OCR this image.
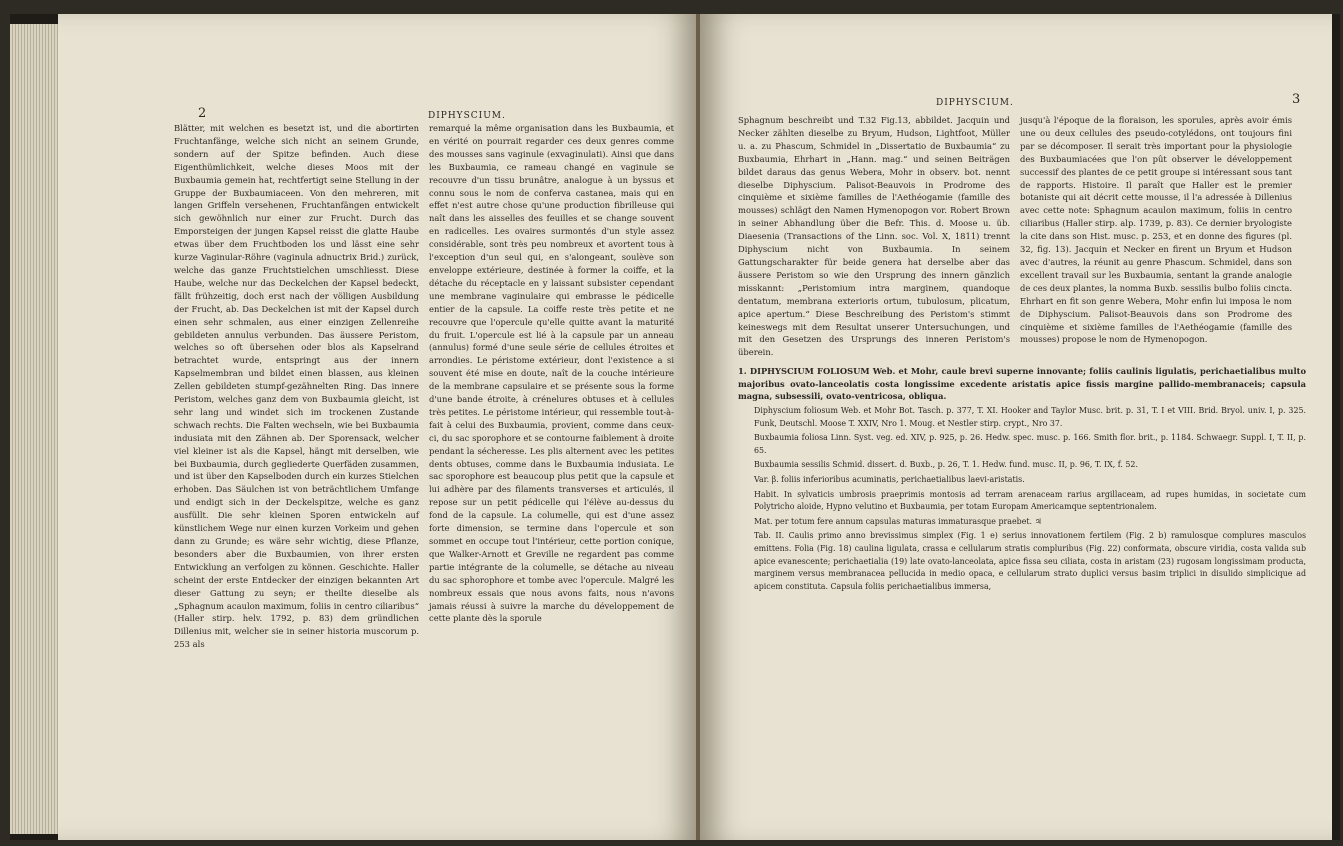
2	DIPHYSCIUM.

Blätter, mit welchen es besetzt ist, und die abortirten Fruchtanfänge, welche sich nicht an seinem Grunde, sondern auf der Spitze befinden. Auch diese Eigenthümlichkeit, welche dieses Moos mit der Buxbaumia gemein hat, rechtfertigt seine Stellung in der Gruppe der Buxbaumiaceen. Von den mehreren, mit langen Griffeln versehenen, Fruchtanfängen entwickelt sich gewöhnlich nur einer zur Frucht. Durch das Emporsteigen der jungen Kapsel reisst die glatte Haube etwas über dem Fruchtboden los und lässt eine sehr kurze Vaginular-Röhre (vaginula adnuctrix Brid.) zurück, welche das ganze Fruchtstielchen umschliesst. Diese Haube, welche nur das Deckelchen der Kapsel bedeckt, fällt frühzeitig, doch erst nach der völligen Ausbildung der Frucht, ab. Das Deckelchen ist mit der Kapsel durch einen sehr schmalen, aus einer einzigen Zellenreihe gebildeten annulus verbunden. Das äussere Peristom, welches so oft übersehen oder blos als Kapselrand betrachtet wurde, entspringt aus der innern Kapselmembran und bildet einen blassen, aus kleinen Zellen gebildeten stumpf-gezähnelten Ring. Das innere Peristom, welches ganz dem von Buxbaumia gleicht, ist sehr lang und windet sich im trockenen Zustande schwach rechts. Die Falten wechseln, wie bei Buxbaumia indusiata mit den Zähnen ab. Der Sporensack, welcher viel kleiner ist als die Kapsel, hängt mit derselben, wie bei Buxbaumia, durch gegliederte Querfäden zusammen, und ist über den Kapselboden durch ein kurzes Stielchen erhoben. Das Säulchen ist von beträchtlichem Umfange und endigt sich in der Deckelspitze, welche es ganz ausfüllt. Die sehr kleinen Sporen entwickeln auf künstlichem Wege nur einen kurzen Vorkeim und gehen dann zu Grunde; es wäre sehr wichtig, diese Pflanze, besonders aber die Buxbaumien, von ihrer ersten Entwicklung an verfolgen zu können. Geschichte. Haller scheint der erste Entdecker der einzigen bekannten Art dieser Gattung zu seyn; er theilte dieselbe als „Sphagnum acaulon maximum, foliis in centro ciliaribus“ (Haller stirp. helv. 1792, p. 83) dem gründlichen Dillenius mit, welcher sie in seiner historia muscorum p. 253 als

remarqué la même organisation dans les Buxbaumia, et en vérité on pourrait regarder ces deux genres comme des mousses sans vaginule (exvaginulati). Ainsi que dans les Buxbaumia, ce rameau changé en vaginule se recouvre d'un tissu brunâtre, analogue à un byssus et connu sous le nom de conferva castanea, mais qui en effet n'est autre chose qu'une production fibrilleuse qui naît dans les aisselles des feuilles et se change souvent en radicelles. Les ovaires surmontés d'un style assez considérable, sont très peu nombreux et avortent tous à l'exception d'un seul qui, en s'alongeant, soulève son enveloppe extérieure, destinée à former la coiffe, et la détache du réceptacle en y laissant subsister cependant une membrane vaginulaire qui embrasse le pédicelle entier de la capsule. La coiffe reste très petite et ne recouvre que l'opercule qu'elle quitte avant la maturité du fruit. L'opercule est lié à la capsule par un anneau (annulus) formé d'une seule série de cellules étroites et arrondies. Le péristome extérieur, dont l'existence a si souvent été mise en doute, naît de la couche intérieure de la membrane capsulaire et se présente sous la forme d'une bande étroite, à crénelures obtuses et à cellules très petites. Le péristome intérieur, qui ressemble tout-à-fait à celui des Buxbaumia, provient, comme dans ceux-ci, du sac sporophore et se contourne faiblement à droite pendant la sécheresse. Les plis alternent avec les petites dents obtuses, comme dans le Buxbaumia indusiata. Le sac sporophore est beaucoup plus petit que la capsule et lui adhère par des filaments transverses et articulés, il repose sur un petit pédicelle qui l'élève au-dessus du fond de la capsule. La columelle, qui est d'une assez forte dimension, se termine dans l'opercule et son sommet en occupe tout l'intérieur, cette portion conique, que Walker-Arnott et Greville ne regardent pas comme partie intégrante de la columelle, se détache au niveau du sac sphorophore et tombe avec l'opercule. Malgré les nombreux essais que nous avons faits, nous n'avons jamais réussi à suivre la marche du développement de cette plante dès la sporule

DIPHYSCIUM.	3

Sphagnum beschreibt und T.32 Fig.13, abbildet. Jacquin und Necker zählten dieselbe zu Bryum, Hudson, Lightfoot, Müller u. a. zu Phascum, Schmidel in „Dissertatio de Buxbaumia“ zu Buxbaumia, Ehrhart in „Hann. mag.“ und seinen Beiträgen bildet daraus das genus Webera, Mohr in observ. bot. nennt dieselbe Diphyscium. Palisot-Beauvois in Prodrome des cinquième et sixième familles de l'Aethéogamie (famille des mousses) schlägt den Namen Hymenopogon vor. Robert Brown in seiner Abhandlung über die Befr. This. d. Moose u. üb. Diaesenia (Transactions of the Linn. soc. Vol. X, 1811) trennt Diphyscium nicht von Buxbaumia. In seinem Gattungscharakter für beide genera hat derselbe aber das äussere Peristom so wie den Ursprung des innern gänzlich misskannt: „Peristomium intra marginem, quandoque dentatum, membrana exterioris ortum, tubulosum, plicatum, apice apertum.“ Diese Beschreibung des Peristom's stimmt keineswegs mit dem Resultat unserer Untersuchungen, und mit den Gesetzen des Ursprungs des inneren Peristom's überein.

jusqu'à l'époque de la floraison, les sporules, après avoir émis une ou deux cellules des pseudo-cotylédons, ont toujours fini par se décomposer. Il serait très important pour la physiologie des Buxbaumiacées que l'on pût observer le développement successif des plantes de ce petit groupe si intéressant sous tant de rapports. Histoire. Il paraît que Haller est le premier botaniste qui ait décrit cette mousse, il l'a adressée à Dillenius avec cette note: Sphagnum acaulon maximum, foliis in centro ciliaribus (Haller stirp. alp. 1739, p. 83). Ce dernier bryologiste la cite dans son Hist. musc. p. 253, et en donne des figures (pl. 32, fig. 13). Jacquin et Necker en firent un Bryum et Hudson avec d'autres, la réunit au genre Phascum. Schmidel, dans son excellent travail sur les Buxbaumia, sentant la grande analogie de ces deux plantes, la nomma Buxb. sessilis bulbo foliis cincta. Ehrhart en fit son genre Webera, Mohr enfin lui imposa le nom de Diphyscium. Palisot-Beauvois dans son Prodrome des cinquième et sixième familles de l'Aethéogamie (famille des mousses) propose le nom de Hymenopogon.

1. DIPHYSCIUM FOLIOSUM Web. et Mohr, caule brevi superne innovante; foliis caulinis ligulatis, perichaetialibus multo majoribus ovato-lanceolatis costa longissime excedente aristatis apice fissis margine pallido-membranaceis; capsula magna, subsessili, ovato-ventricosa, obliqua.

Diphyscium foliosum Web. et Mohr Bot. Tasch. p. 377, T. XI. Hooker and Taylor Musc. brit. p. 31, T. I et VIII. Brid. Bryol. univ. I, p. 325. Funk, Deutschl. Moose T. XXIV, Nro 1. Moug. et Nestler stirp. crypt., Nro 37.

Buxbaumia foliosa Linn. Syst. veg. ed. XIV, p. 925, p. 26. Hedw. spec. musc. p. 166. Smith flor. brit., p. 1184. Schwaegr. Suppl. I, T. II, p. 65.

Buxbaumia sessilis Schmid. dissert. d. Buxb., p. 26, T. 1. Hedw. fund. musc. II, p. 96, T. IX, f. 52.

Var. β. foliis inferioribus acuminatis, perichaetialibus laevi-aristatis.

Habit. In sylvaticis umbrosis praeprimis montosis ad terram arenaceam rarius argillaceam, ad rupes humidas, in societate cum Polytricho aloide, Hypno velutino et Buxbaumia, per totam Europam Americamque septentrionalem.

Mat. per totum fere annum capsulas maturas immaturasque praebet. ♃

Tab. II. Caulis primo anno brevissimus simplex (Fig. 1 e) serius innovationem fertilem (Fig. 2 b) ramulosque complures masculos emittens. Folia (Fig. 18) caulina ligulata, crassa e cellularum stratis compluribus (Fig. 22) conformata, obscure viridia, costa valida sub apice evanescente; perichaetialia (19) late ovato-lanceolata, apice fissa seu ciliata, costa in aristam (23) rugosam longissimam producta, marginem versus membranacea pellucida in medio opaca, e cellularum strato duplici versus basim triplici in disulido simplicique ad apicem constituta. Capsula foliis perichaetialibus immersa,
